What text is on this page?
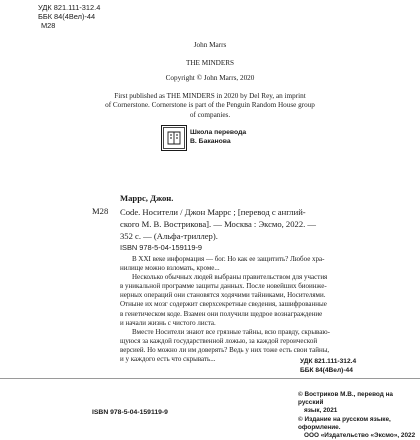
УДК 821.111-312.4
ББК 84(4Вел)-44
М28
John Marrs
THE MINDERS
Copyright © John Marrs, 2020
First published as THE MINDERS in 2020 by Del Rey, an imprint
of Cornerstone. Cornerstone is part of the Penguin Random House group
of companies.
Школа перевода
В. Баканова
Маррс, Джон.
М28 Code. Носители / Джон Маррс ; [перевод с англий-
ского М. В. Вострикова]. — Москва : Эксмо, 2022. —
352 с. — (Альфа-триллер).
ISBN 978-5-04-159119-9

В XXI веке информация — бог. Но как ее защитить? Любое хра-
нилище можно взломать, кроме...

Несколько обычных людей выбраны правительством для участия
в уникальной программе защиты данных. После новейших биоинже-
нерных операций они становятся ходячими тайниками, Носителями.
Отныне их мозг содержит сверхсекретные сведения, зашифрованные
в генетическом коде. Взамен они получили щедрое вознаграждение
и начали жизнь с чистого листа.

Вместе Носители знают все грязные тайны, всю правду, скрываю-
щуюся за каждой государственной ложью, за каждой героической
версией. Но можно ли им доверять? Ведь у них тоже есть свои тайны,
и у каждого есть что скрывать...	УДК 821.111-312.4
ББК 84(4Вел)-44
© Востриков М.В., перевод на русский
язык, 2021
© Издание на русском языке, оформление.
ООО «Издательство «Эксмо», 2022
ISBN 978-5-04-159119-9
